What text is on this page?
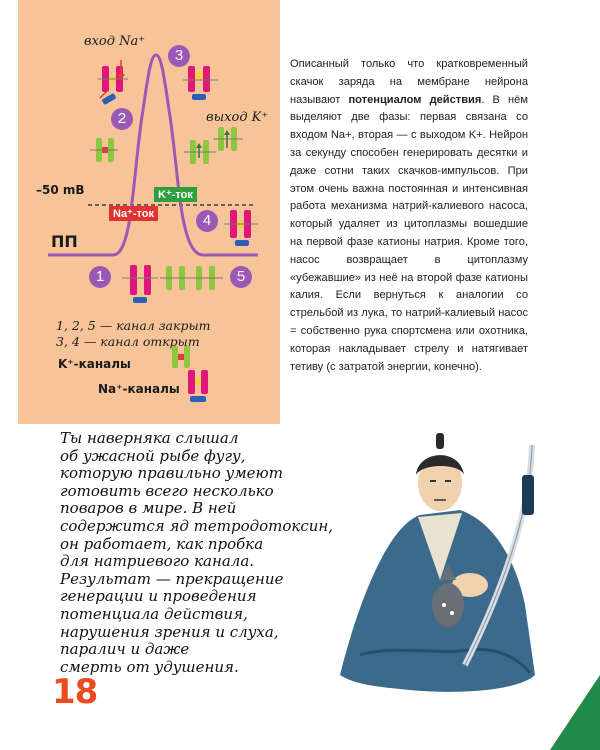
вход Na⁺
выход K⁺
–50 mВ	K⁺-ток
Na⁺-ток
ПП
1
2
3
4
5
1, 2, 5 — канал закрыт
3, 4 — канал открыт
K⁺-каналы
Na⁺-каналы
Описанный только что кратковременный скачок заряда на мембране нейрона называют потенциалом действия. В нём выделяют две фазы: первая связана со входом Na+, вторая — с выходом K+. Нейрон за секунду способен генерировать десятки и даже сотни таких скачков-импульсов. При этом очень важна постоянная и интенсивная работа механизма натрий-калиевого насоса, который удаляет из цитоплазмы вошедшие на первой фазе катионы натрия. Кроме того, насос возвращает в цитоплазму «убежавшие» из неё на второй фазе катионы калия. Если вернуться к аналогии со стрельбой из лука, то натрий-калиевый насос = собственно рука спортсмена или охотника, которая накладывает стрелу и натягивает тетиву (с затратой энергии, конечно).
Ты наверняка слышал
об ужасной рыбе фугу,
которую правильно умеют
готовить всего несколько
поваров в мире. В ней
содержится яд тетродотоксин,
он работает, как пробка
для натриевого канала.
Результат — прекращение
генерации и проведения
потенциала действия,
нарушения зрения и слуха,
паралич и даже
смерть от удушения.
18
